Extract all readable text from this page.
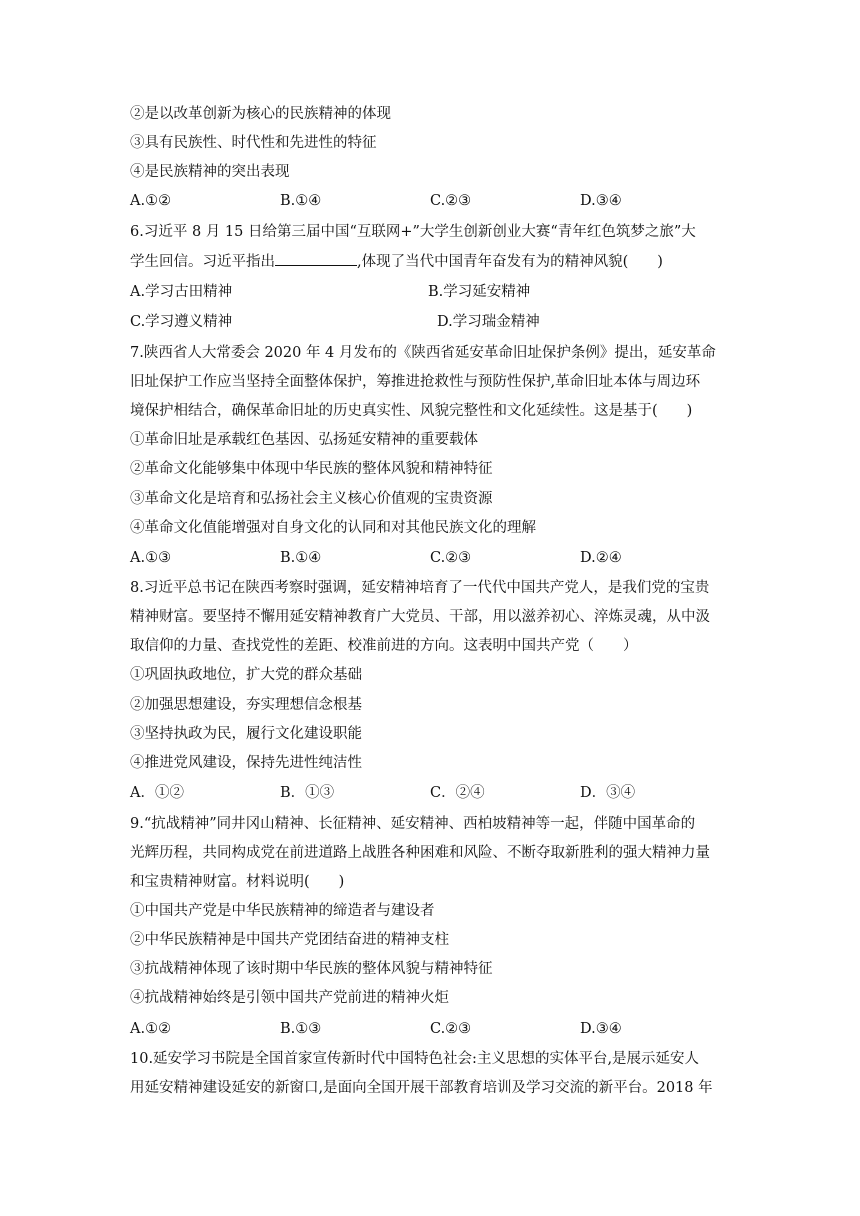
②是以改革创新为核心的民族精神的体现
③具有民族性、时代性和先进性的特征
④是民族精神的突出表现
A.①②	B.①④	C.②③	D.③④
6.习近平 8 月 15 日给第三届中国“互联网+”大学生创新创业大赛“青年红色筑梦之旅”大
学生回信。习近平指出	,体现了当代中国青年奋发有为的精神风貌(　　)
A.学习古田精神	B.学习延安精神
C.学习遵义精神	D.学习瑞金精神
7.陕西省人大常委会 2020 年 4 月发布的《陕西省延安革命旧址保护条例》提出，延安革命
旧址保护工作应当坚持全面整体保护，筹推进抢救性与预防性保护,革命旧址本体与周边环
境保护相结合，确保革命旧址的历史真实性、风貌完整性和文化延续性。这是基于(　　)
①革命旧址是承载红色基因、弘扬延安精神的重要载体
②革命文化能够集中体现中华民族的整体风貌和精神特征
③革命文化是培育和弘扬社会主义核心价值观的宝贵资源
④革命文化值能增强对自身文化的认同和对其他民族文化的理解
A.①③	B.①④	C.②③	D.②④
8.习近平总书记在陕西考察时强调，延安精神培育了一代代中国共产党人，是我们党的宝贵
精神财富。要坚持不懈用延安精神教育广大党员、干部，用以滋养初心、淬炼灵魂，从中汲
取信仰的力量、查找党性的差距、校准前进的方向。这表明中国共产党（　　）
①巩固执政地位，扩大党的群众基础
②加强思想建设，夯实理想信念根基
③坚持执政为民，履行文化建设职能
④推进党风建设，保持先进性纯洁性
A．①②	B．①③	C．②④	D．③④
9.“抗战精神”同井冈山精神、长征精神、延安精神、西柏坡精神等一起，伴随中国革命的
光辉历程，共同构成党在前进道路上战胜各种困难和风险、不断夺取新胜利的强大精神力量
和宝贵精神财富。材料说明(　　)
①中国共产党是中华民族精神的缔造者与建设者
②中华民族精神是中国共产党团结奋进的精神支柱
③抗战精神体现了该时期中华民族的整体风貌与精神特征
④抗战精神始终是引领中国共产党前进的精神火炬
A.①②	B.①③	C.②③	D.③④
10.延安学习书院是全国首家宣传新时代中国特色社会:主义思想的实体平台,是展示延安人
用延安精神建设延安的新窗口,是面向全国开展干部教育培训及学习交流的新平台。2018 年
